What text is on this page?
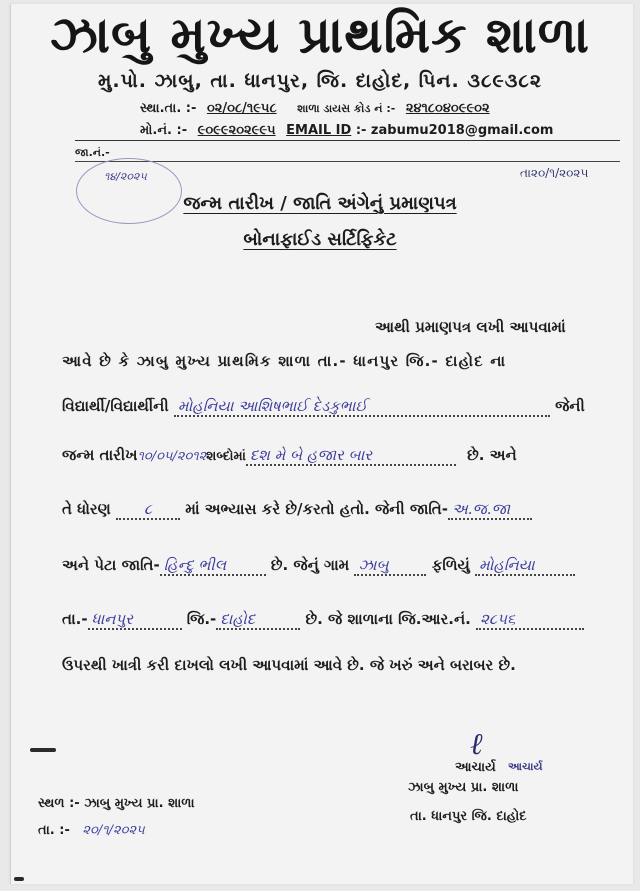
ઝાબુ મુખ્ય પ્રાથમિક શાળા
મુ.પો. ઝાબુ, તા. ધાનપુર, જિ. દાહોદ, પિન. ૩૮૯૩૮૨
સ્થા.તા. :- ૦૨/૦૮/૧૯૫૮ શાળા ડાયસ કોડ નં :- ૨૪૧૮૦૪૦૯૯૦૨
મો.નં. :- ૯૦૯૯૨૦૨૯૯૫ EMAIL ID :- zabumu2018@gmail.com
જા.નં.-
તા૨૦/૧/૨૦૨૫
૧૪/૨૦૨૫
જન્મ તારીખ / જાતિ અંગેનું પ્રમાણપત્ર
બોનાફાઈડ સર્ટિફિકેટ
આથી પ્રમાણપત્ર લખી આપવામાં
આવે છે કે ઝાબુ મુખ્ય પ્રાથમિક શાળા તા.- ધાનપુર જિ.- દાહોદ ના
વિદ્યાર્થી/વિદ્યાર્થીની મોહનિયા આશિષભાઈ દેડકુભાઈ	જેની
જન્મ તારીખ૧૦/૦૫/૨૦૧૨શબ્દોમાં દશ મે બે હજાર બાર	છે. અને
તે ધોરણ ૮ માં અભ્યાસ કરે છે/કરતો હતો. જેની જાતિ- અ.જ.જા
અને પેટા જાતિ- હિન્દુ ભીલ	છે. જેનું ગામ ઝાબુ	ફળિયું મોહનિયા
તા.- ધાનપુર	જિ.- દાહોદ	છે. જે શાળાના જિ.આર.નં. ૨૮૫૬
ઉપરથી ખાત્રી કરી દાખલો લખી આપવામાં આવે છે. જે ખરું અને બરાબર છે.
ℓ
આચાર્ય આચાર્ય
ઝાબુ મુખ્ય પ્રા. શાળા
તા. ધાનપુર જિ. દાહોદ
સ્થળ :- ઝાબુ મુખ્ય પ્રા. શાળા
તા. :- ૨૦/૧/૨૦૨૫
